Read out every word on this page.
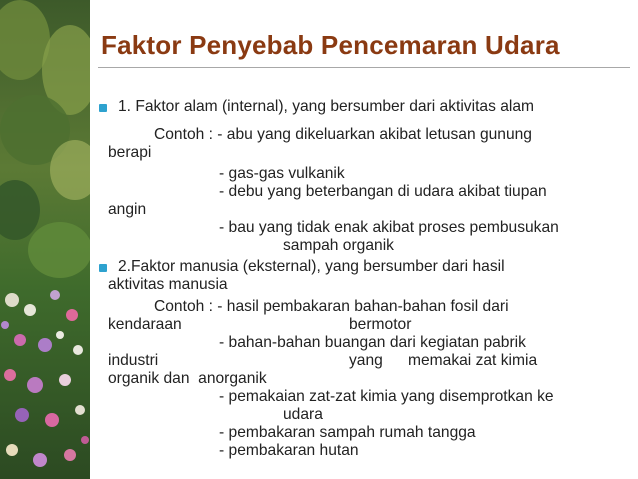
Faktor Penyebab Pencemaran Udara
1. Faktor alam (internal), yang bersumber dari aktivitas alam
Contoh : - abu yang dikeluarkan akibat letusan gunung
berapi
- gas-gas vulkanik
- debu yang beterbangan di udara akibat tiupan
angin
- bau yang tidak enak akibat proses pembusukan
sampah organik
2.Faktor manusia (eksternal), yang bersumber dari hasil
aktivitas manusia
Contoh : - hasil pembakaran bahan-bahan fosil dari
kendaraan	bermotor
- bahan-bahan buangan dari kegiatan pabrik
industri	yang memakai zat kimia
organik dan  anorganik
- pemakaian zat-zat kimia yang disemprotkan ke
udara
- pembakaran sampah rumah tangga
- pembakaran hutan
